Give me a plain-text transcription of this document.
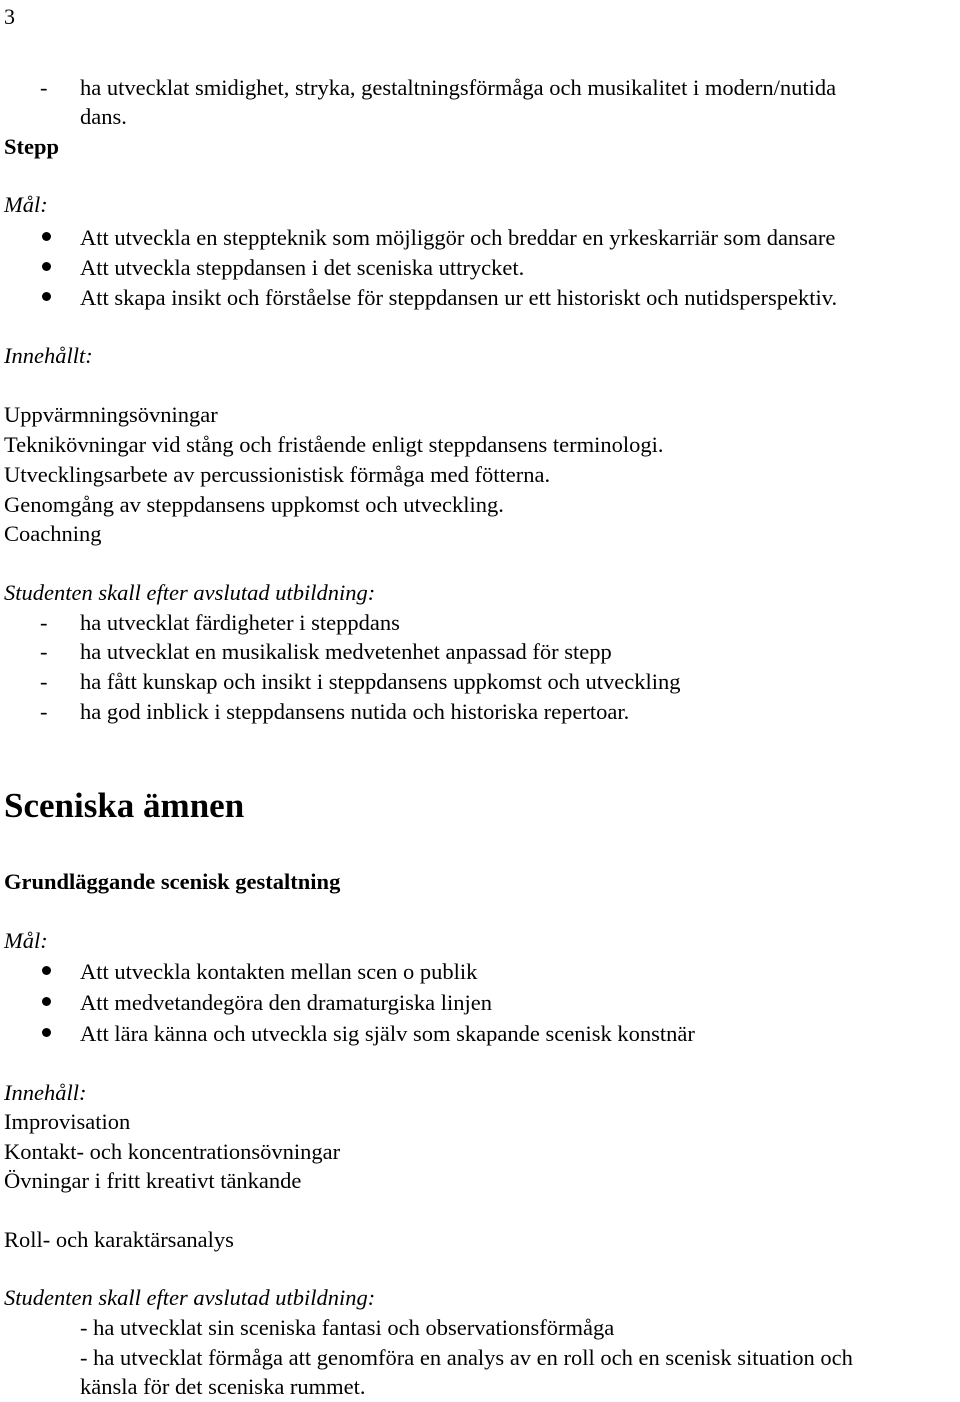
3
- ha utvecklat smidighet, stryka, gestaltningsförmåga och musikalitet i modern/nutida
dans.
Stepp
Mål:
Att utveckla en steppteknik som möjliggör och breddar en yrkeskarriär som dansare
Att utveckla steppdansen i det sceniska uttrycket.
Att skapa insikt och förståelse för steppdansen ur ett historiskt och nutidsperspektiv.
Innehållt:
Uppvärmningsövningar
Teknikövningar vid stång och fristående enligt steppdansens terminologi.
Utvecklingsarbete av percussionistisk förmåga med fötterna.
Genomgång av steppdansens uppkomst och utveckling.
Coachning
Studenten skall efter avslutad utbildning:
- ha utvecklat färdigheter i steppdans
- ha utvecklat en musikalisk medvetenhet anpassad för stepp
- ha fått kunskap och insikt i steppdansens uppkomst och utveckling
- ha god inblick i steppdansens nutida och historiska repertoar.
Sceniska ämnen
Grundläggande scenisk gestaltning
Mål:
Att utveckla kontakten mellan scen o publik
Att medvetandegöra den dramaturgiska linjen
Att lära känna och utveckla sig själv som skapande scenisk konstnär
Innehåll:
Improvisation
Kontakt- och koncentrationsövningar
Övningar i fritt kreativt tänkande
Roll- och karaktärsanalys
Studenten skall efter avslutad utbildning:
- ha utvecklat sin sceniska fantasi och observationsförmåga
- ha utvecklat förmåga att genomföra en analys av en roll och en scenisk situation och
känsla för det sceniska rummet.
